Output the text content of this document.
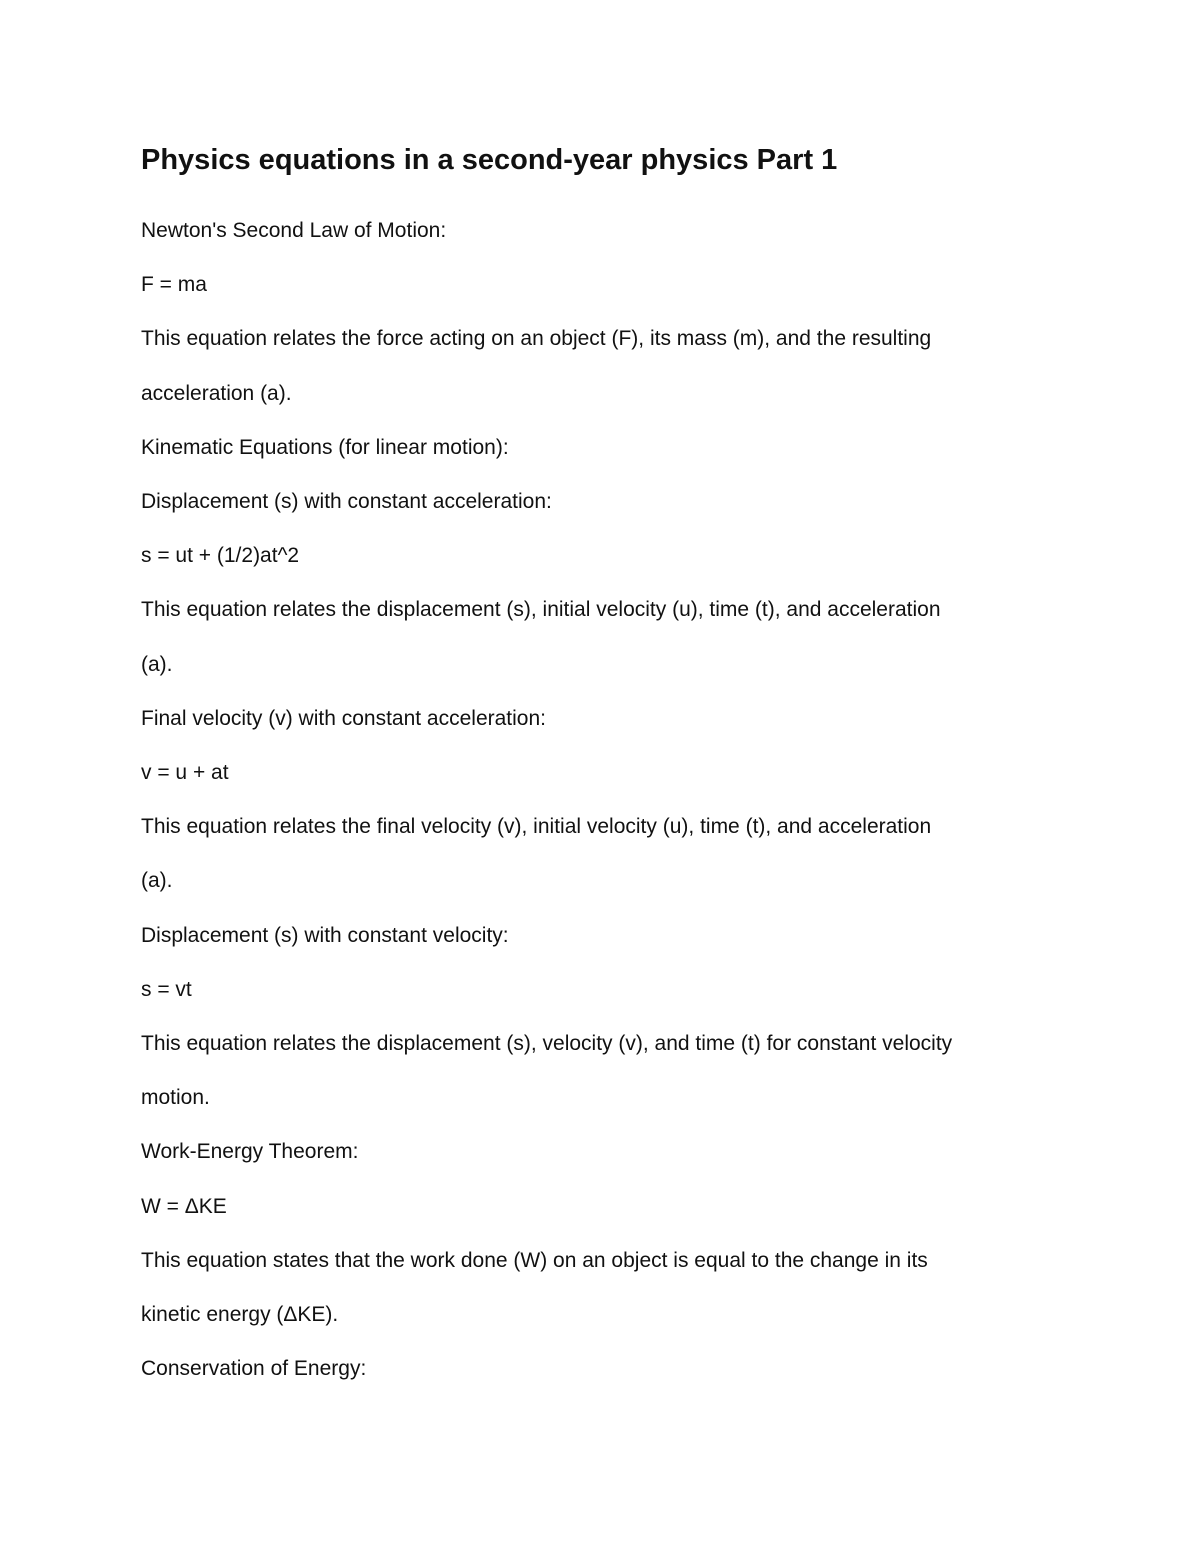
Physics equations in a second-year physics Part 1

Newton's Second Law of Motion:

F = ma

This equation relates the force acting on an object (F), its mass (m), and the resulting

acceleration (a).

Kinematic Equations (for linear motion):

Displacement (s) with constant acceleration:

s = ut + (1/2)at^2

This equation relates the displacement (s), initial velocity (u), time (t), and acceleration

(a).

Final velocity (v) with constant acceleration:

v = u + at

This equation relates the final velocity (v), initial velocity (u), time (t), and acceleration

(a).

Displacement (s) with constant velocity:

s = vt

This equation relates the displacement (s), velocity (v), and time (t) for constant velocity

motion.

Work-Energy Theorem:

W = ΔKE

This equation states that the work done (W) on an object is equal to the change in its

kinetic energy (ΔKE).

Conservation of Energy:
